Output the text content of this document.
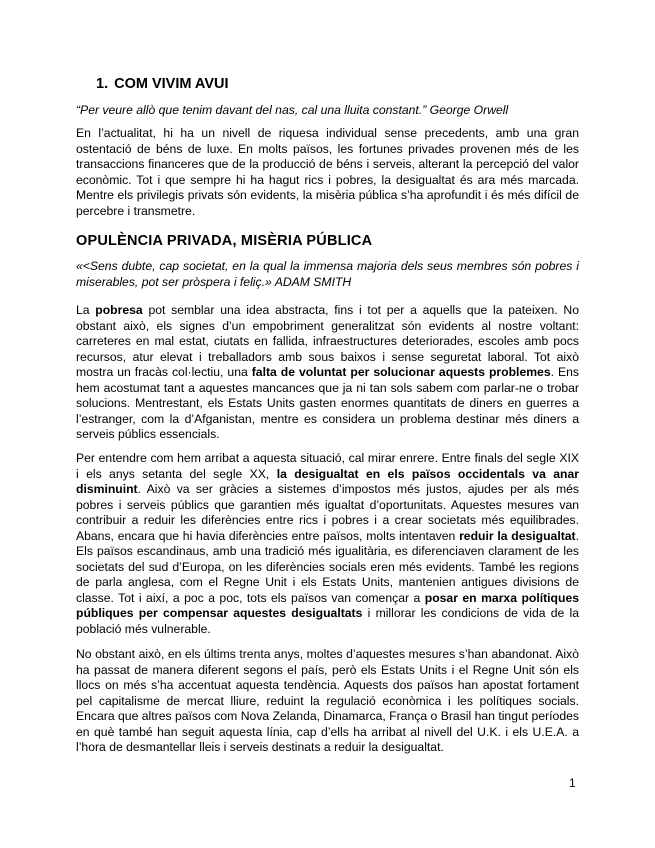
1. COM VIVIM AVUI

“Per veure allò que tenim davant del nas, cal una lluita constant.” George Orwell

En l’actualitat, hi ha un nivell de riquesa individual sense precedents, amb una gran ostentació de béns de luxe. En molts països, les fortunes privades provenen més de les transaccions financeres que de la producció de béns i serveis, alterant la percepció del valor econòmic. Tot i que sempre hi ha hagut rics i pobres, la desigualtat és ara més marcada. Mentre els privilegis privats són evidents, la misèria pública s’ha aprofundit i és més difícil de percebre i transmetre.

OPULÈNCIA PRIVADA, MISÈRIA PÚBLICA

«<Sens dubte, cap societat, en la qual la immensa majoria dels seus membres són pobres i miserables, pot ser pròspera i feliç.» ADAM SMITH

La pobresa pot semblar una idea abstracta, fins i tot per a aquells que la pateixen. No obstant això, els signes d’un empobriment generalitzat són evidents al nostre voltant: carreteres en mal estat, ciutats en fallida, infraestructures deteriorades, escoles amb pocs recursos, atur elevat i treballadors amb sous baixos i sense seguretat laboral. Tot això mostra un fracàs col·lectiu, una falta de voluntat per solucionar aquests problemes. Ens hem acostumat tant a aquestes mancances que ja ni tan sols sabem com parlar-ne o trobar solucions. Mentrestant, els Estats Units gasten enormes quantitats de diners en guerres a l’estranger, com la d’Afganistan, mentre es considera un problema destinar més diners a serveis públics essencials.

Per entendre com hem arribat a aquesta situació, cal mirar enrere. Entre finals del segle XIX i els anys setanta del segle XX, la desigualtat en els països occidentals va anar disminuint. Això va ser gràcies a sistemes d’impostos més justos, ajudes per als més pobres i serveis públics que garantien més igualtat d’oportunitats. Aquestes mesures van contribuir a reduir les diferències entre rics i pobres i a crear societats més equilibrades. Abans, encara que hi havia diferències entre països, molts intentaven reduir la desigualtat. Els països escandinaus, amb una tradició més igualitària, es diferenciaven clarament de les societats del sud d’Europa, on les diferències socials eren més evidents. També les regions de parla anglesa, com el Regne Unit i els Estats Units, mantenien antigues divisions de classe. Tot i així, a poc a poc, tots els països van començar a posar en marxa polítiques públiques per compensar aquestes desigualtats i millorar les condicions de vida de la població més vulnerable.

No obstant això, en els últims trenta anys, moltes d’aquestes mesures s’han abandonat. Això ha passat de manera diferent segons el país, però els Estats Units i el Regne Unit són els llocs on més s’ha accentuat aquesta tendència. Aquests dos països han apostat fortament pel capitalisme de mercat lliure, reduint la regulació econòmica i les polítiques socials. Encara que altres països com Nova Zelanda, Dinamarca, França o Brasil han tingut períodes en què també han seguit aquesta línia, cap d’ells ha arribat al nivell del U.K. i els U.E.A. a l’hora de desmantellar lleis i serveis destinats a reduir la desigualtat.

1
